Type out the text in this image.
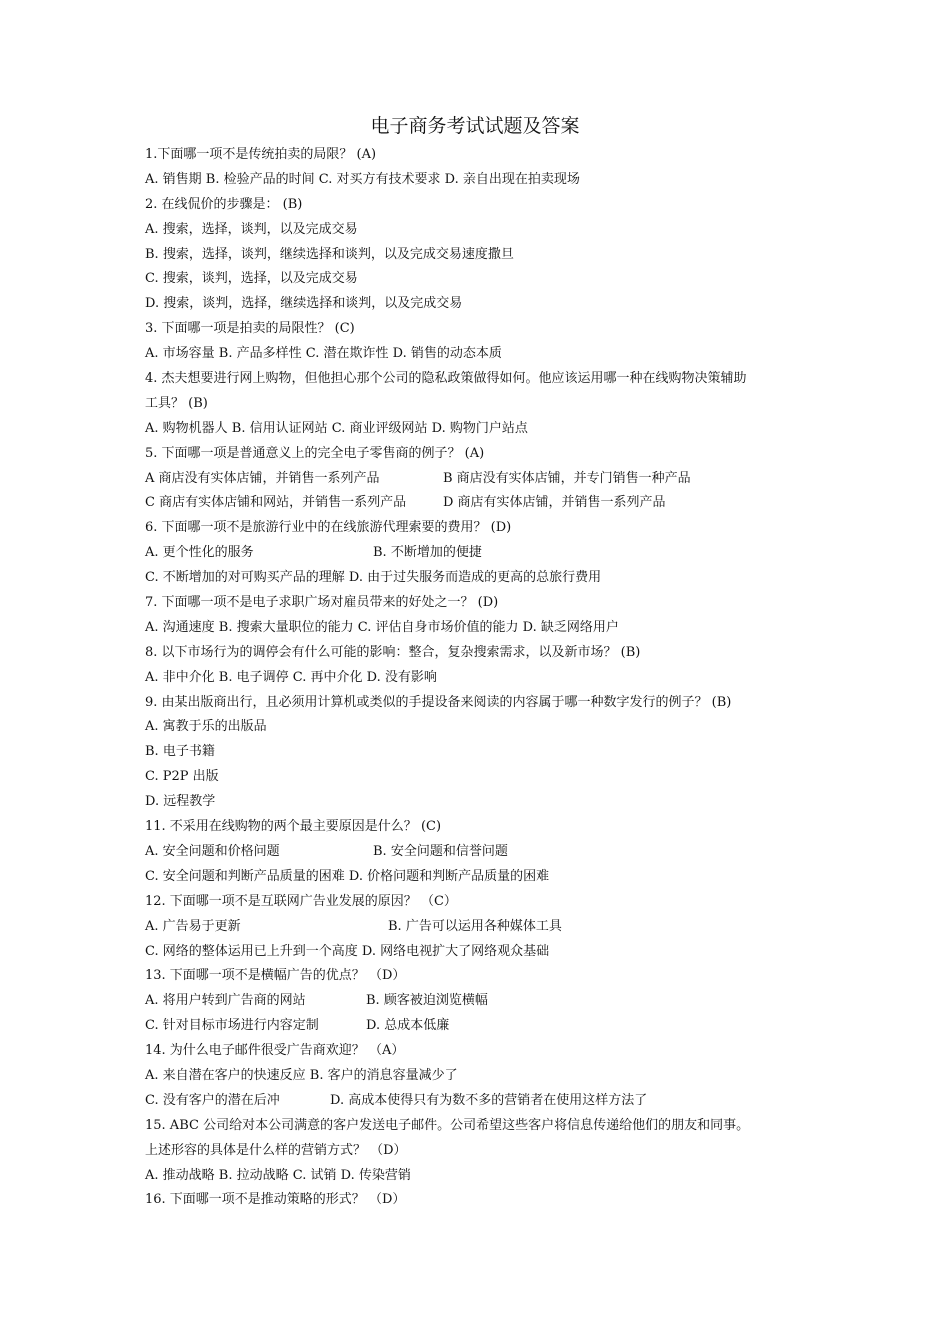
电子商务考试试题及答案
1.下面哪一项不是传统拍卖的局限？ (A)
A. 销售期 B. 检验产品的时间 C. 对买方有技术要求 D. 亲自出现在拍卖现场
2. 在线侃价的步骤是： (B)
A. 搜索，选择，谈判，以及完成交易
B. 搜索，选择，谈判，继续选择和谈判，以及完成交易速度撒旦
C. 搜索，谈判，选择，以及完成交易
D. 搜索，谈判，选择，继续选择和谈判，以及完成交易
3. 下面哪一项是拍卖的局限性？ (C)
A. 市场容量 B. 产品多样性 C. 潜在欺诈性 D. 销售的动态本质
4. 杰夫想要进行网上购物，但他担心那个公司的隐私政策做得如何。他应该运用哪一种在线购物决策辅助
工具？ (B)
A. 购物机器人 B. 信用认证网站 C. 商业评级网站 D. 购物门户站点
5. 下面哪一项是普通意义上的完全电子零售商的例子？ (A)
A 商店没有实体店铺，并销售一系列产品	B 商店没有实体店铺，并专门销售一种产品
C 商店有实体店铺和网站，并销售一系列产品	D 商店有实体店铺，并销售一系列产品
6. 下面哪一项不是旅游行业中的在线旅游代理索要的费用？ (D)
A. 更个性化的服务	B. 不断增加的便捷
C. 不断增加的对可购买产品的理解 D. 由于过失服务而造成的更高的总旅行费用
7. 下面哪一项不是电子求职广场对雇员带来的好处之一？ (D)
A. 沟通速度 B. 搜索大量职位的能力 C. 评估自身市场价值的能力 D. 缺乏网络用户
8. 以下市场行为的调停会有什么可能的影响：整合，复杂搜索需求，以及新市场？ (B)
A. 非中介化 B. 电子调停 C. 再中介化 D. 没有影响
9. 由某出版商出行，且必须用计算机或类似的手提设备来阅读的内容属于哪一种数字发行的例子？ (B)
A. 寓教于乐的出版品
B. 电子书籍
C. P2P 出版
D. 远程教学
11. 不采用在线购物的两个最主要原因是什么？ (C)
A. 安全问题和价格问题	B. 安全问题和信誉问题
C. 安全问题和判断产品质量的困难 D. 价格问题和判断产品质量的困难
12. 下面哪一项不是互联网广告业发展的原因？ （C）
A. 广告易于更新	B. 广告可以运用各种媒体工具
C. 网络的整体运用已上升到一个高度 D. 网络电视扩大了网络观众基础
13. 下面哪一项不是横幅广告的优点？ （D）
A. 将用户转到广告商的网站	B. 顾客被迫浏览横幅
C. 针对目标市场进行内容定制	D. 总成本低廉
14. 为什么电子邮件很受广告商欢迎？ （A）
A. 来自潜在客户的快速反应 B. 客户的消息容量减少了
C. 没有客户的潜在后冲	D. 高成本使得只有为数不多的营销者在使用这样方法了
15. ABC 公司给对本公司满意的客户发送电子邮件。公司希望这些客户将信息传递给他们的朋友和同事。
上述形容的具体是什么样的营销方式？ （D）
A. 推动战略 B. 拉动战略 C. 试销 D. 传染营销
16. 下面哪一项不是推动策略的形式？ （D）
